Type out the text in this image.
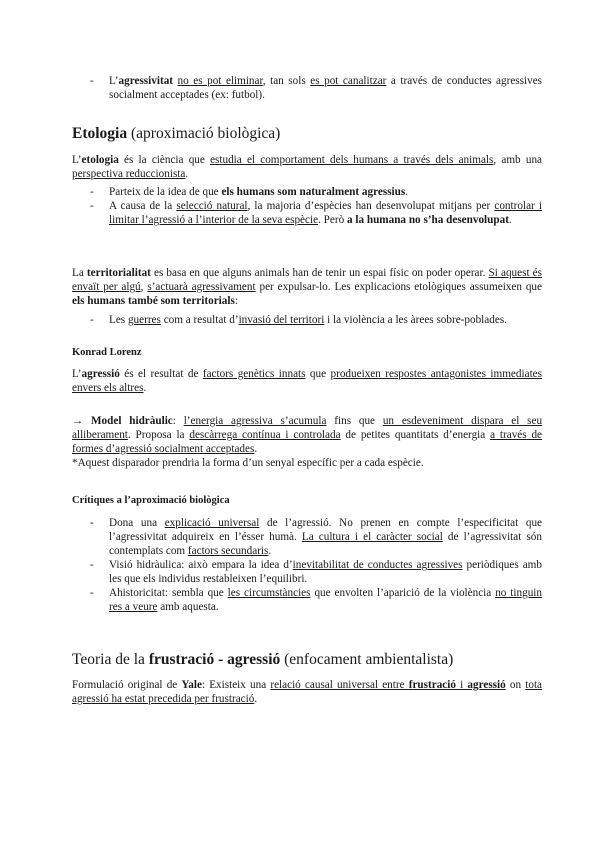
- L’agressivitat no es pot eliminar, tan sols es pot canalitzar a través de conductes agressives socialment acceptades (ex: futbol).
Etologia (aproximació biològica)

L’etologia és la ciència que estudia el comportament dels humans a través dels animals, amb una perspectiva reduccionista.

- Parteix de la idea de que els humans som naturalment agressius.
- A causa de la selecció natural, la majoria d’espècies han desenvolupat mitjans per controlar i limitar l’agressió a l’interior de la seva espècie. Però a la humana no s’ha desenvolupat.

La territorialitat es basa en que alguns animals han de tenir un espai físic on poder operar. Si aquest és envaït per algú, s’actuarà agressivament per expulsar-lo. Les explicacions etològiques assumeixen que els humans també som territorials:

- Les guerres com a resultat d’invasió del territori i la violència a les àrees sobre-poblades.
Konrad Lorenz

L’agressió és el resultat de factors genètics innats que produeixen respostes antagonistes immediates envers els altres.

→ Model hidràulic: l’energia agressiva s’acumula fins que un esdeveniment dispara el seu alliberament. Proposa la descàrrega contínua i controlada de petites quantitats d’energia a través de formes d’agressió socialment acceptades.

*Aquest disparador prendria la forma d’un senyal específic per a cada espècie.

Crítiques a l’aproximació biològica
- Dona una explicació universal de l’agressió. No prenen en compte l’especificitat que l’agressivitat adquireix en l’ésser humà. La cultura i el caràcter social de l’agressivitat són contemplats com factors secundaris.
- Visió hidràulica: això empara la idea d’inevitabilitat de conductes agressives periòdiques amb les que els individus restableixen l’equilibri.
- Ahistoricitat: sembla que les circumstàncies que envolten l’aparició de la violència no tinguin res a veure amb aquesta.
Teoria de la frustració - agressió (enfocament ambientalista)

Formulació original de Yale: Existeix una relació causal universal entre frustració i agressió on tota agressió ha estat precedida per frustració.
